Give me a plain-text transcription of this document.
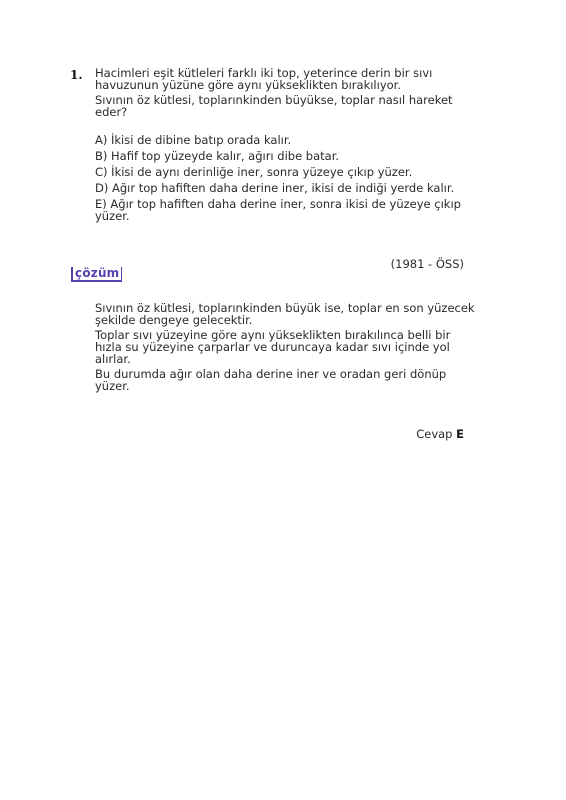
1. Hacimleri eşit kütleleri farklı iki top, yeterince derin bir sıvı havuzunun yüzüne göre aynı yükseklikten bırakılıyor.

Sıvının öz kütlesi, toplarınkinden büyükse, toplar nasıl hareket eder?

A) İkisi de dibine batıp orada kalır.
B) Hafif top yüzeyde kalır, ağırı dibe batar.
C) İkisi de aynı derinliğe iner, sonra yüzeye çıkıp yüzer.
D) Ağır top hafiften daha derine iner, ikisi de indiği yerde kalır.
E) Ağır top hafiften daha derine iner, sonra ikisi de yüzeye çıkıp yüzer.
(1981 - ÖSS)
çözüm

Sıvının öz kütlesi, toplarınkinden büyük ise, toplar en son yüzecek şekilde dengeye gelecektir.

Toplar sıvı yüzeyine göre aynı yükseklikten bırakılınca belli bir hızla su yüzeyine çarparlar ve duruncaya kadar sıvı içinde yol alırlar.

Bu durumda ağır olan daha derine iner ve oradan geri dönüp yüzer.

Cevap E
